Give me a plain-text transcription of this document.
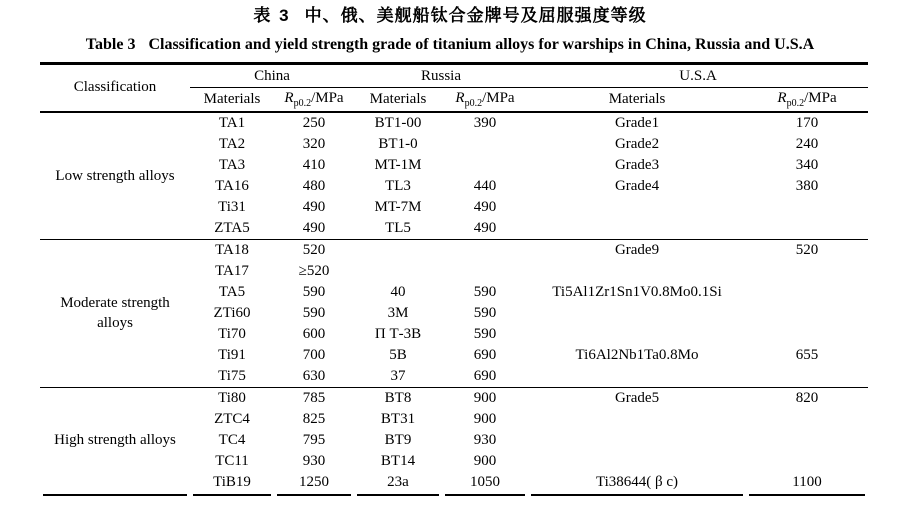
表 3 中、俄、美舰船钛合金牌号及屈服强度等级
Table 3 Classification and yield strength grade of titanium alloys for warships in China, Russia and U.S.A
Classification	China		Russia		U.S.A	
	Materials	$R_{p0.2}$/MPa	Materials	$R_{p0.2}$/MPa	Materials	$R_{p0.2}$/MPa
Low strength alloys	TA1	250	BT1-00	390	Grade1	170
	TA2	320	BT1-0		Grade2	240
	TA3	410	MT-1M		Grade3	340
	TA16	480	TL3	440	Grade4	380
	Ti31	490	MT-7M	490		
	ZTA5	490	TL5	490		
Moderate strength alloys	TA18	520			Grade9	520
	TA17	≥520				
	TA5	590	40	590	Ti5Al1Zr1Sn1V0.8Mo0.1Si	
	ZTi60	590	3M	590		
	Ti70	600	П Т-3В	590		
	Ti91	700	5B	690	Ti6Al2Nb1Ta0.8Mo	655
	Ti75	630	37	690		
High strength alloys	Ti80	785	BT8	900	Grade5	820
	ZTC4	825	BT31	900		
	TC4	795	BT9	930		
	TC11	930	BT14	900		
	TiB19	1250	23a	1050	Ti38644( β c)	1100
